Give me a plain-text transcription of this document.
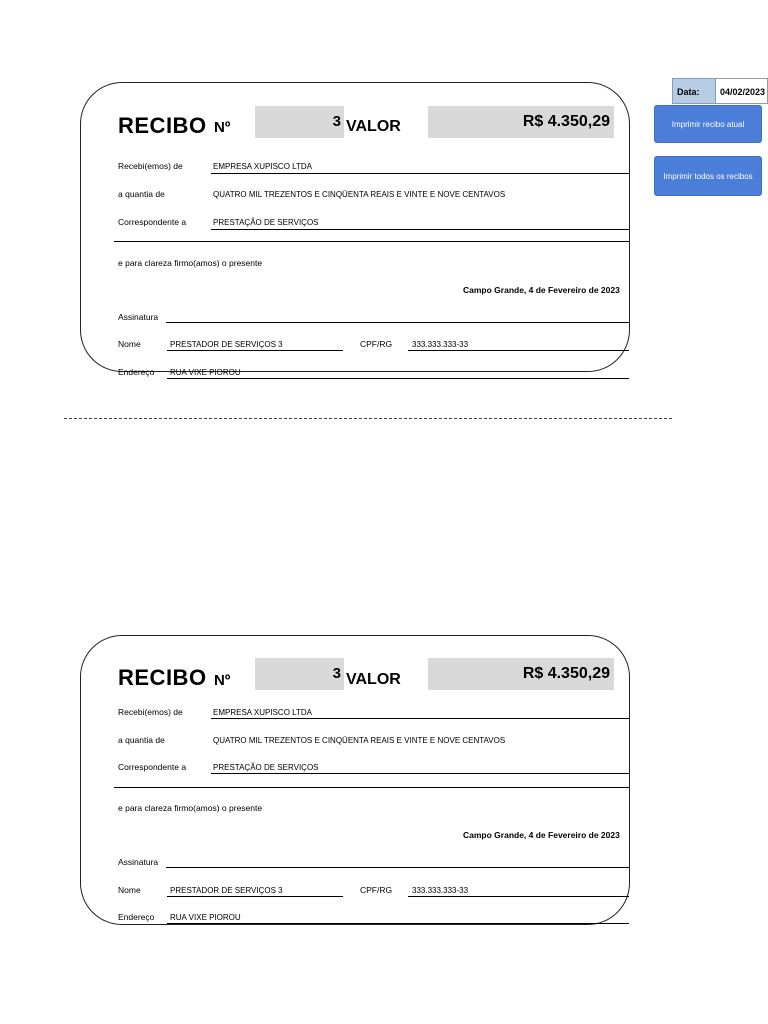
Data:	04/02/2023
Imprimir recibo atual
Imprimir todos os recibos
RECIBO Nº	3 VALOR	R$ 4.350,29
Recebi(emos) de	EMPRESA XUPISCO LTDA
a quantia de	QUATRO MIL TREZENTOS E CINQÜENTA REAIS E VINTE E NOVE CENTAVOS
Correspondente a	PRESTAÇÃO DE SERVIÇOS
e para clareza firmo(amos) o presente
Campo Grande, 4 de Fevereiro de 2023
Assinatura
Nome	PRESTADOR DE SERVIÇOS 3	CPF/RG 333.333.333-33
Endereço RUA VIXE PIOROU
RECIBO Nº	3 VALOR	R$ 4.350,29
Recebi(emos) de	EMPRESA XUPISCO LTDA
a quantia de	QUATRO MIL TREZENTOS E CINQÜENTA REAIS E VINTE E NOVE CENTAVOS
Correspondente a	PRESTAÇÃO DE SERVIÇOS
e para clareza firmo(amos) o presente
Campo Grande, 4 de Fevereiro de 2023
Assinatura
Nome	PRESTADOR DE SERVIÇOS 3	CPF/RG 333.333.333-33
Endereço RUA VIXE PIOROU
